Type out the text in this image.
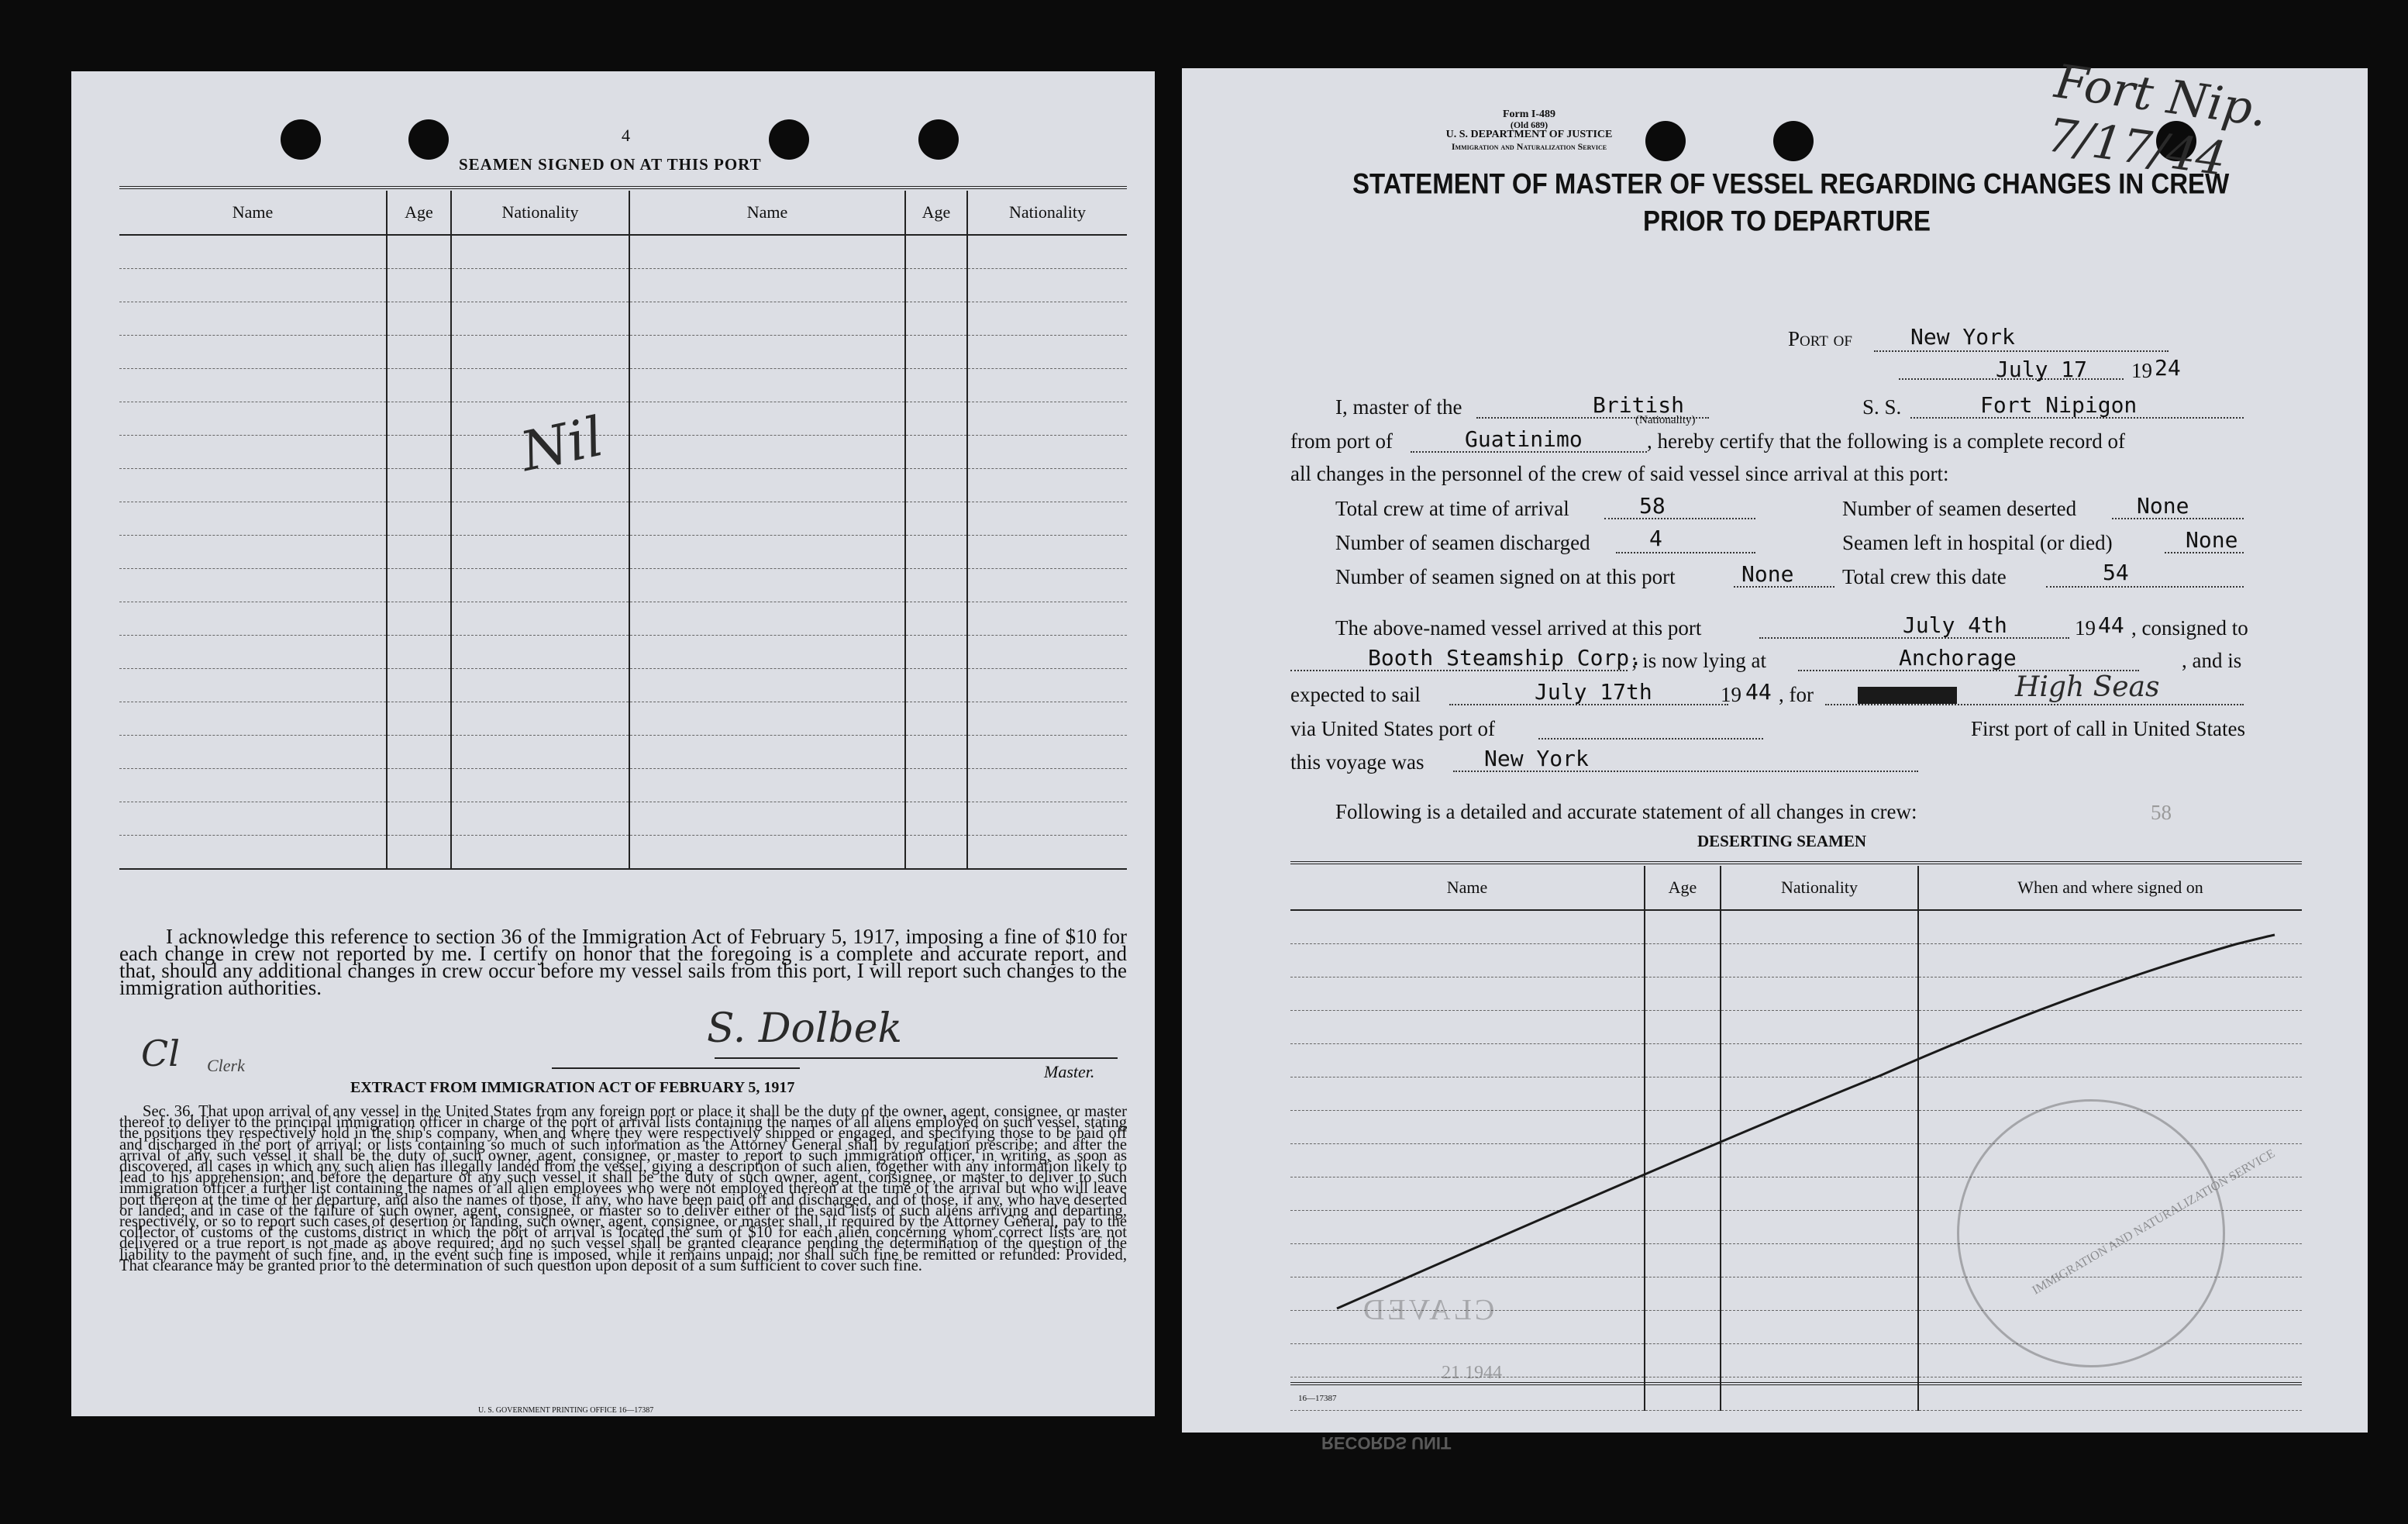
4
SEAMEN SIGNED ON AT THIS PORT
Name	Age	Nationality	Name	Age	Nationality

Nil
I acknowledge this reference to section 36 of the Immigration Act of February 5, 1917, imposing a fine of $10 for each change in crew not reported by me. I certify on honor that the foregoing is a complete and accurate report, and that, should any additional changes in crew occur before my vessel sails from this port, I will report such changes to the immigration authorities.
Cl Clerk
S. Dolbek
Master.
EXTRACT FROM IMMIGRATION ACT OF FEBRUARY 5, 1917
Sec. 36. That upon arrival of any vessel in the United States from any foreign port or place it shall be the duty of the owner, agent, consignee, or master thereof to deliver to the principal immigration officer in charge of the port of arrival lists containing the names of all aliens employed on such vessel, stating the positions they respectively hold in the ship's company, when and where they were respectively shipped or engaged, and specifying those to be paid off and discharged in the port of arrival; or lists containing so much of such information as the Attorney General shall by regulation prescribe; and after the arrival of any such vessel it shall be the duty of such owner, agent, consignee, or master to report to such immigration officer, in writing, as soon as discovered, all cases in which any such alien has illegally landed from the vessel, giving a description of such alien, together with any information likely to lead to his apprehension; and before the departure of any such vessel it shall be the duty of such owner, agent, consignee, or master to deliver to such immigration officer a further list containing the names of all alien employees who were not employed thereon at the time of the arrival but who will leave port thereon at the time of her departure, and also the names of those, if any, who have been paid off and discharged, and of those, if any, who have deserted or landed; and in case of the failure of such owner, agent, consignee, or master so to deliver either of the said lists of such aliens arriving and departing, respectively, or so to report such cases of desertion or landing, such owner, agent, consignee, or master shall, if required by the Attorney General, pay to the collector of customs of the customs district in which the port of arrival is located the sum of $10 for each alien concerning whom correct lists are not delivered or a true report is not made as above required; and no such vessel shall be granted clearance pending the determination of the question of the liability to the payment of such fine, and, in the event such fine is imposed, while it remains unpaid; nor shall such fine be remitted or refunded: Provided, That clearance may be granted prior to the determination of such question upon deposit of a sum sufficient to cover such fine.
U. S. GOVERNMENT PRINTING OFFICE 16—17387
Form I-489
(Old 689)
U. S. DEPARTMENT OF JUSTICE
Immigration and Naturalization Service
Fort Nip. 7/17/44
STATEMENT OF MASTER OF VESSEL REGARDING CHANGES IN CREW
PRIOR TO DEPARTURE
Port of	New York
July 17 19 24
I, master of the	British
(Nationality)
S. S.	Fort Nipigon
from port of	Guatinimo	, hereby certify that the following is a complete record of
all changes in the personnel of the crew of said vessel since arrival at this port:
Total crew at time of arrival	58	Number of seamen deserted	None
Number of seamen discharged	4	Seamen left in hospital (or died)	None
Number of seamen signed on at this port	None Total crew this date	54
The above-named vessel arrived at this port	July 4th	19 44 , consigned to
Booth Steamship Corp.
; is now lying at	Anchorage	, and is
expected to sail	July 17th	19 44 , for	High Seas
via United States port of	First port of call in United States
this voyage was	New York
Following is a detailed and accurate statement of all changes in crew:	58
DESERTING SEAMEN
Name	Age	Nationality	When and where signed on

IMMIGRATION AND NATURALIZATION SERVICE
CLAVED
21 1944
16—17387
RECORDS UNIT
